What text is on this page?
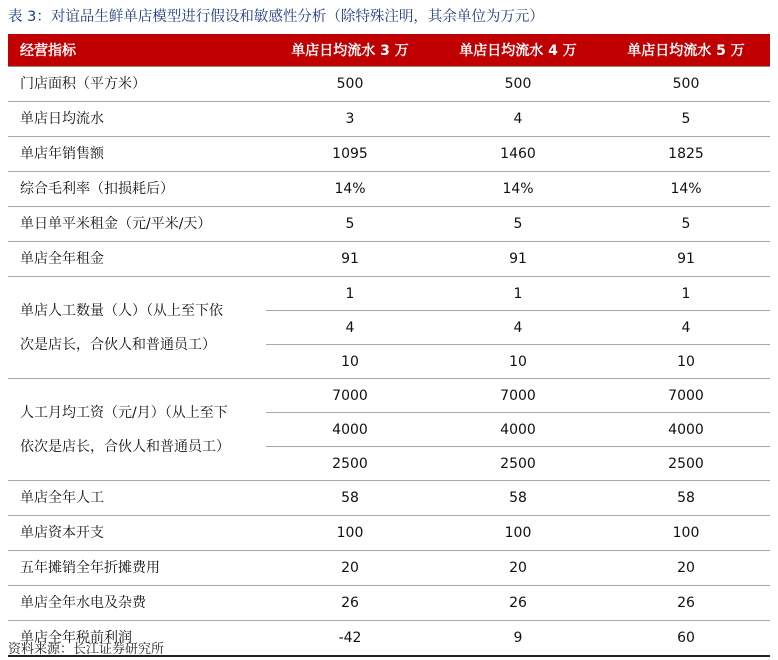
表 3：对谊品生鲜单店模型进行假设和敏感性分析（除特殊注明，其余单位为万元）
经营指标	单店日均流水 3 万	单店日均流水 4 万	单店日均流水 5 万
门店面积（平方米）	500	500	500
单店日均流水	3	4	5
单店年销售额	1095	1460	1825
综合毛利率（扣损耗后）	14%	14%	14%
单日单平米租金（元/平米/天）	5	5	5
单店全年租金	91	91	91

单店人工数量（人）（从上至下依
次是店长，合伙人和普通员工）	1	1	1
	4	4	4
	10	10	10

人工月均工资（元/月）（从上至下
依次是店长，合伙人和普通员工）	7000	7000	7000
	4000	4000	4000
	2500	2500	2500
单店全年人工	58	58	58
单店资本开支	100	100	100
五年摊销全年折摊费用	20	20	20
单店全年水电及杂费	26	26	26
单店全年税前利润	-42	9	60
资料来源：长江证券研究所
